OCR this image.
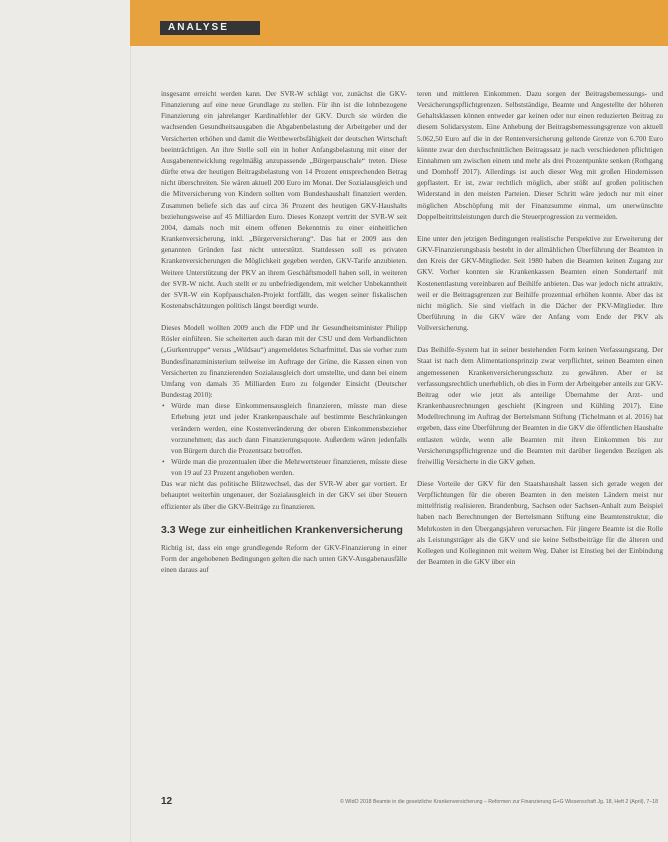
ANALYSE

insgesamt erreicht werden kann. Der SVR-W schlägt vor, zunächst die GKV-Finanzierung auf eine neue Grundlage zu stellen. Für ihn ist die lohnbezogene Finanzierung ein jahrelanger Kardinalfehler der GKV. Durch sie würden die wachsenden Gesundheitsausgaben die Abgabenbelastung der Arbeitgeber und der Versicherten erhöhen und damit die Wettbewerbsfähigkeit der deutschen Wirtschaft beeinträchtigen. An ihre Stelle soll ein in hoher Anfangsbelastung mit einer der Ausgabenentwicklung regelmäßig anzupassende „Bürgerpauschale“ treten. Diese dürfte etwa der heutigen Beitragsbelastung von 14 Prozent entsprechenden Betrag nicht überschreiten. Sie wären aktuell 200 Euro im Monat. Der Sozialausgleich und die Mitversicherung von Kindern sollten vom Bundeshaushalt finanziert werden. Zusammen beliefe sich das auf circa 36 Prozent des heutigen GKV-Haushalts beziehungsweise auf 45 Milliarden Euro. Dieses Konzept vertritt der SVR-W seit 2004, damals noch mit einem offenen Bekenntnis zu einer einheitlichen Krankenversicherung, inkl. „Bürgerversicherung“. Das hat er 2009 aus den genannten Gründen fast nicht unterstützt. Stattdessen soll es privaten Krankenversicherungen die Möglichkeit gegeben werden, GKV-Tarife anzubieten. Weitere Unterstützung der PKV an ihrem Geschäftsmodell haben soll, in weiteren der SVR-W nicht. Auch stellt er zu unbefriedigendem, mit welcher Unbekanntheit der SVR-W ein Kopfpauschalen-Projekt fortfällt, das wegen seiner fiskalischen Kostenabschätzungen politisch längst beerdigt wurde.

Dieses Modell wollten 2009 auch die FDP und ihr Gesundheitsminister Philipp Rösler einführen. Sie scheiterten auch daran mit der CSU und dem Verbandlichten („Gurkentruppe“ versus „Wildsau“) angemeldetes Scharfmittel. Das sie vorher zum Bundesfinanzministerium teilweise im Auftrage der Grüne, die Kassen einen von Versicherten zu finanzierenden Sozialausgleich dort umstellte, und dann bei einem Umfang von damals 35 Milliarden Euro zu folgender Einsicht (Deutscher Bundestag 2010):

• Würde man diese Einkommensausgleich finanzieren, müsste man diese Erhebung jetzt und jeder Krankenpauschale auf bestimmte Beschränkungen verändern werden, eine Kostenveränderung der oberen Einkommensbezieher vorzunehmen; das auch dann Finanzierungsquote. Außerdem wären jedenfalls von Bürgern durch die Prozentsatz betroffen.
• Würde man die prozentualen über die Mehrwertsteuer finanzieren, müsste diese von 19 auf 23 Prozent angehoben werden.

Das war nicht das politische Blitzwechsel, das der SVR-W aber gar vortiert. Er behauptet weiterhin ungenauer, der Sozialausgleich in der GKV sei über Steuern effizienter als über die GKV-Beiträge zu finanzieren.

3.3 Wege zur einheitlichen Krankenversicherung

Richtig ist, dass ein enge grundlegende Reform der GKV-Finanzierung in einer Form der angehobenen Bedingungen gelten die nach unten GKV-Ausgabenausfälle einen daraus auf

teren und mittleren Einkommen. Dazu sorgen der Beitragsbemessungs- und Versicherungspflichtgrenzen. Selbstständige, Beamte und Angestellte der höheren Gehaltsklassen können entweder gar keinen oder nur einen reduzierten Beitrag zu diesem Solidarsystem. Eine Anhebung der Beitragsbemessungsgrenze von aktuell 5.062,50 Euro auf die in der Rentenversicherung geltende Grenze von 6.700 Euro könnte zwar den durchschnittlichen Beitragssatz je nach verschiedenen pflichtigen Einnahmen um zwischen einem und mehr als drei Prozentpunkte senken (Rothgang und Domhoff 2017). Allerdings ist auch dieser Weg mit großen Hindernissen gepflastert. Er ist, zwar rechtlich möglich, aber stößt auf großen politischen Widerstand in den meisten Parteien. Dieser Schritt wäre jedoch nur mit einer möglichen Abschöpfung mit der Finanzsumme einmal, um unerwünschte Doppelbeitrittsleistungen durch die Steuerprogression zu vermeiden.

Eine unter den jetzigen Bedingungen realistische Perspektive zur Erweiterung der GKV-Finanzierungsbasis besteht in der allmählichen Überführung der Beamten in den Kreis der GKV-Mitglieder. Seit 1980 haben die Beamten keinen Zugang zur GKV. Vorher konnten sie Krankenkassen Beamten einen Sondertarif mit Kostenentlastung vereinbaren auf Beihilfe anbieten. Das war jedoch nicht attraktiv, weil er die Beitragsgrenzen zur Beihilfe prozentual erhöhen konnte. Aber das ist nicht möglich. Sie sind vielfach in die Dächer der PKV-Mitglieder. Ihre Überführung in die GKV wäre der Anfang vom Ende der PKV als Vollversicherung.

Das Beihilfe-System hat in seiner bestehenden Form keinen Verfassungsrang. Der Staat ist nach dem Alimentationsprinzip zwar verpflichtet, seinen Beamten einen angemessenen Krankenversicherungsschutz zu gewähren. Aber er ist verfassungsrechtlich unerheblich, ob dies in Form der Arbeitgeber anteils zur GKV-Beitrag oder wie jetzt als anteilige Übernahme der Arzt- und Krankenhausrechnungen geschieht (Kingreen und Kühling 2017). Eine Modellrechnung im Auftrag der Bertelsmann Stiftung (Tichelmann et al. 2016) hat ergeben, dass eine Überführung der Beamten in die GKV die öffentlichen Haushalte entlasten würde, wenn alle Beamten mit ihren Einkommen bis zur Versicherungspflichtgrenze und die Beamten mit darüber liegenden Bezügen als freiwillig Versicherte in die GKV gehen.

Diese Vorteile der GKV für den Staatshaushalt lassen sich gerade wegen der Verpflichtungen für die oberen Beamten in den meisten Ländern meist nur mittelfristig realisieren. Brandenburg, Sachsen oder Sachsen-Anhalt zum Beispiel haben nach Berechnungen der Bertelsmann Stiftung eine Beamtenstruktur, die Mehrkosten in den Übergangsjahren verursachen. Für jüngere Beamte ist die Rolle als Leistungsträger als die GKV und sie keine Selbstbeiträge für die älteren und Kollegen und Kolleginnen mit weitem Weg. Daher ist Einstieg bei der Einbindung der Beamten in die GKV über ein

12	© WIdO 2018 Beamte in die gesetzliche Krankenversicherung – Reformen zur Finanzierung G+G Wissenschaft Jg. 18, Heft 2 (April), 7–18
